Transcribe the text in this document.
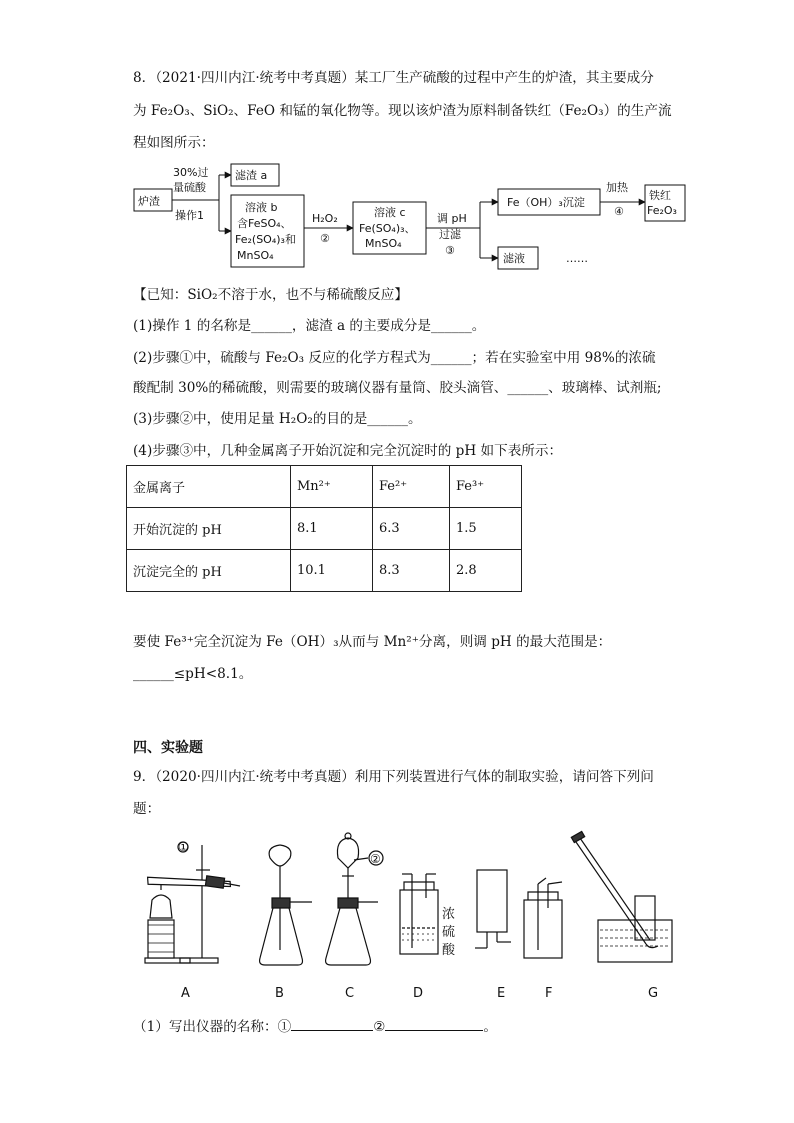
8．（2021·四川内江·统考中考真题）某工厂生产硫酸的过程中产生的炉渣，其主要成分
为 Fe₂O₃、SiO₂、FeO 和锰的氧化物等。现以该炉渣为原料制备铁红（Fe₂O₃）的生产流
程如图所示：
炉渣
30%过
量硫酸
操作1
滤渣 a
溶液 b
含FeSO₄、
Fe₂(SO₄)₃和
MnSO₄
H₂O₂
②
溶液 c
Fe(SO₄)₃、
MnSO₄
调 pH
过滤
③
Fe（OH）₃沉淀
加热
④
铁红
Fe₂O₃
滤液	……
【已知：SiO₂不溶于水，也不与稀硫酸反应】
(1)操作 1 的名称是______，滤渣 a 的主要成分是______。
(2)步骤①中，硫酸与 Fe₂O₃ 反应的化学方程式为______；若在实验室中用 98%的浓硫
酸配制 30%的稀硫酸，则需要的玻璃仪器有量筒、胶头滴管、______、玻璃棒、试剂瓶;
(3)步骤②中，使用足量 H₂O₂的目的是______。
(4)步骤③中，几种金属离子开始沉淀和完全沉淀时的 pH 如下表所示：
金属离子	Mn²⁺	Fe²⁺	Fe³⁺
开始沉淀的 pH	8.1	6.3	1.5
沉淀完全的 pH	10.1	8.3	2.8
要使 Fe³⁺完全沉淀为 Fe（OH）₃从而与 Mn²⁺分离，则调 pH 的最大范围是：
______≤pH<8.1。
四、实验题
9．（2020·四川内江·统考中考真题）利用下列装置进行气体的制取实验，请问答下列问
题：
①
②
浓
硫
酸
A	B	C	D	E	F	G
（1）写出仪器的名称：①	②	。
